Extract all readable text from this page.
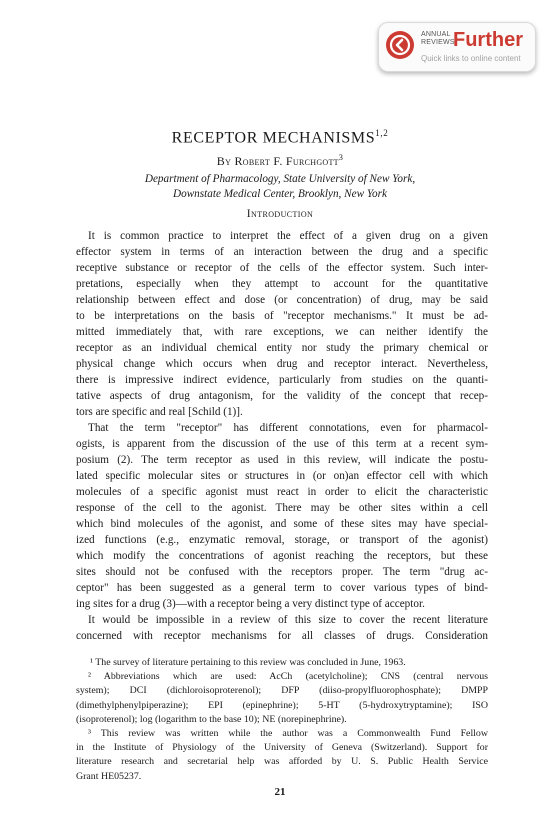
ANNUAL
REVIEWS
Further
Quick links to online content
RECEPTOR MECHANISMS$^{1,2}$
By Robert F. Furchgott$^3$
Department of Pharmacology, State University of New York,
Downstate Medical Center, Brooklyn, New York
Introduction
It is common practice to interpret the effect of a given drug on a given
effector system in terms of an interaction between the drug and a specific
receptive substance or receptor of the cells of the effector system. Such inter-
pretations, especially when they attempt to account for the quantitative
relationship between effect and dose (or concentration) of drug, may be said
to be interpretations on the basis of "receptor mechanisms." It must be ad-
mitted immediately that, with rare exceptions, we can neither identify the
receptor as an individual chemical entity nor study the primary chemical or
physical change which occurs when drug and receptor interact. Nevertheless,
there is impressive indirect evidence, particularly from studies on the quanti-
tative aspects of drug antagonism, for the validity of the concept that recep-
tors are specific and real [Schild (1)].
That the term "receptor" has different connotations, even for pharmacol-
ogists, is apparent from the discussion of the use of this term at a recent sym-
posium (2). The term receptor as used in this review, will indicate the postu-
lated specific molecular sites or structures in (or on)an effector cell with which
molecules of a specific agonist must react in order to elicit the characteristic
response of the cell to the agonist. There may be other sites within a cell
which bind molecules of the agonist, and some of these sites may have special-
ized functions (e.g., enzymatic removal, storage, or transport of the agonist)
which modify the concentrations of agonist reaching the receptors, but these
sites should not be confused with the receptors proper. The term "drug ac-
ceptor" has been suggested as a general term to cover various types of bind-
ing sites for a drug (3)—with a receptor being a very distinct type of acceptor.
It would be impossible in a review of this size to cover the recent literature
concerned with receptor mechanisms for all classes of drugs. Consideration
¹ The survey of literature pertaining to this review was concluded in June, 1963.
² Abbreviations which are used: AcCh (acetylcholine); CNS (central nervous
system); DCI (dichloroisoproterenol); DFP (diiso-propylfluorophosphate); DMPP
(dimethylphenylpiperazine); EPI (epinephrine); 5-HT (5-hydroxytryptamine); ISO
(isoproterenol); log (logarithm to the base 10); NE (norepinephrine).
³ This review was written while the author was a Commonwealth Fund Fellow
in the Institute of Physiology of the University of Geneva (Switzerland). Support for
literature research and secretarial help was afforded by U. S. Public Health Service
Grant HE05237.
21
